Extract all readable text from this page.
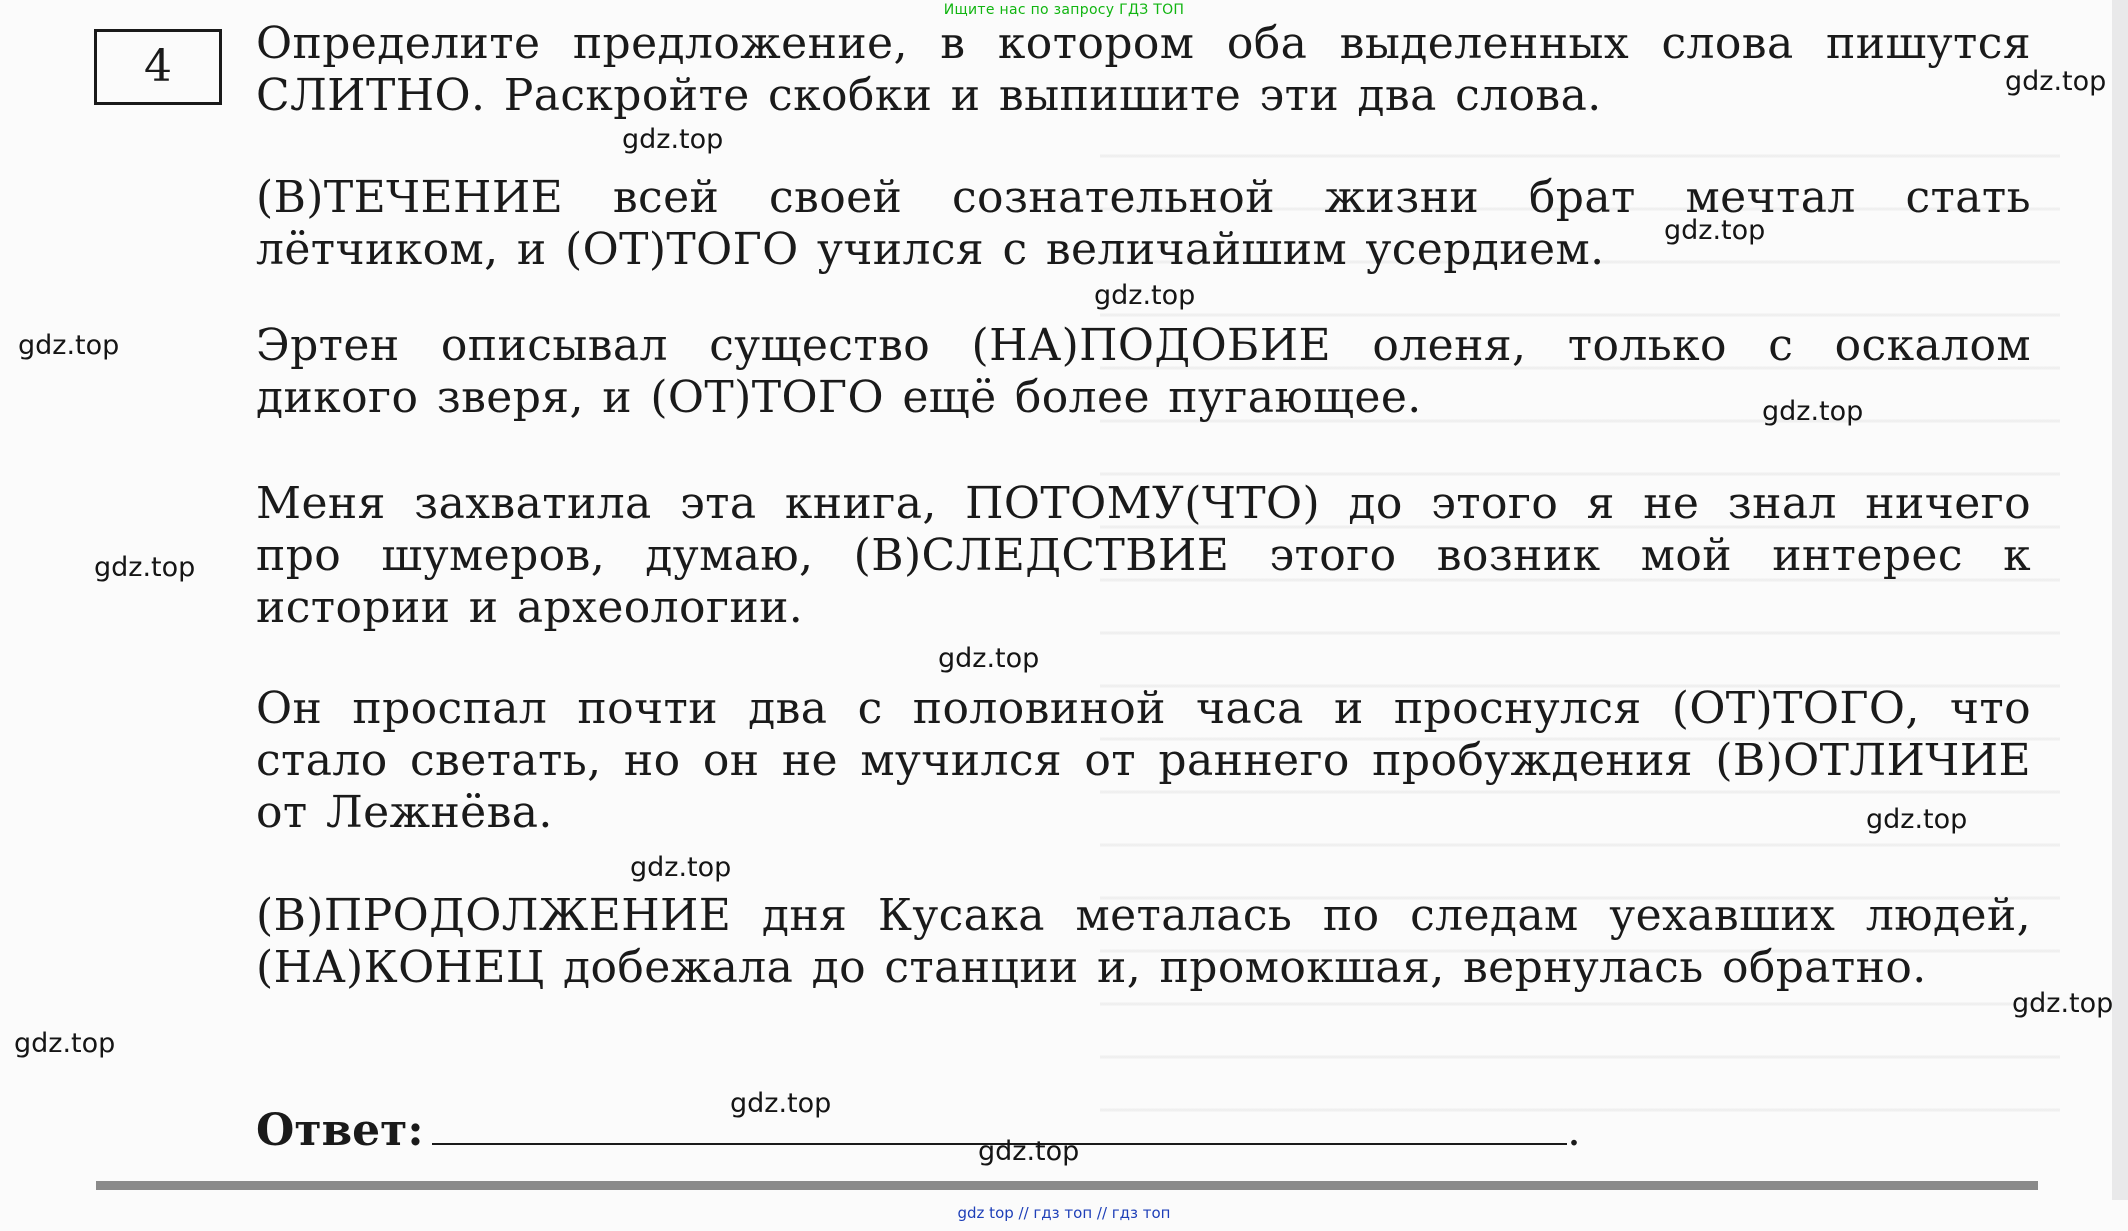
Ищите нас по запросу ГДЗ ТОП
4	Определите предложение, в котором оба выделенных слова пишутся СЛИТНО. Раскройте скобки и выпишите эти два слова.
(В)ТЕЧЕНИЕ всей своей сознательной жизни брат мечтал стать лётчиком, и (ОТ)ТОГО учился с величайшим усердием.
Эртен описывал существо (НА)ПОДОБИЕ оленя, только с оскалом дикого зверя, и (ОТ)ТОГО ещё более пугающее.
Меня захватила эта книга, ПОТОМУ(ЧТО) до этого я не знал ничего про шумеров, думаю, (В)СЛЕДСТВИЕ этого возник мой интерес к истории и археологии.
Он проспал почти два с половиной часа и проснулся (ОТ)ТОГО, что стало светать, но он не мучился от раннего пробуждения (В)ОТЛИЧИЕ от Лежнёва.
(В)ПРОДОЛЖЕНИЕ дня Кусака металась по следам уехавших людей, (НА)КОНЕЦ добежала до станции и, промокшая, вернулась обратно.
Ответ:	.
gdz.top
gdz.top
gdz.top
gdz.top
gdz.top
gdz.top
gdz.top
gdz.top
gdz.top
gdz.top
gdz.top
gdz.top
gdz.top
gdz.top
gdz top // гдз топ // гдз топ
